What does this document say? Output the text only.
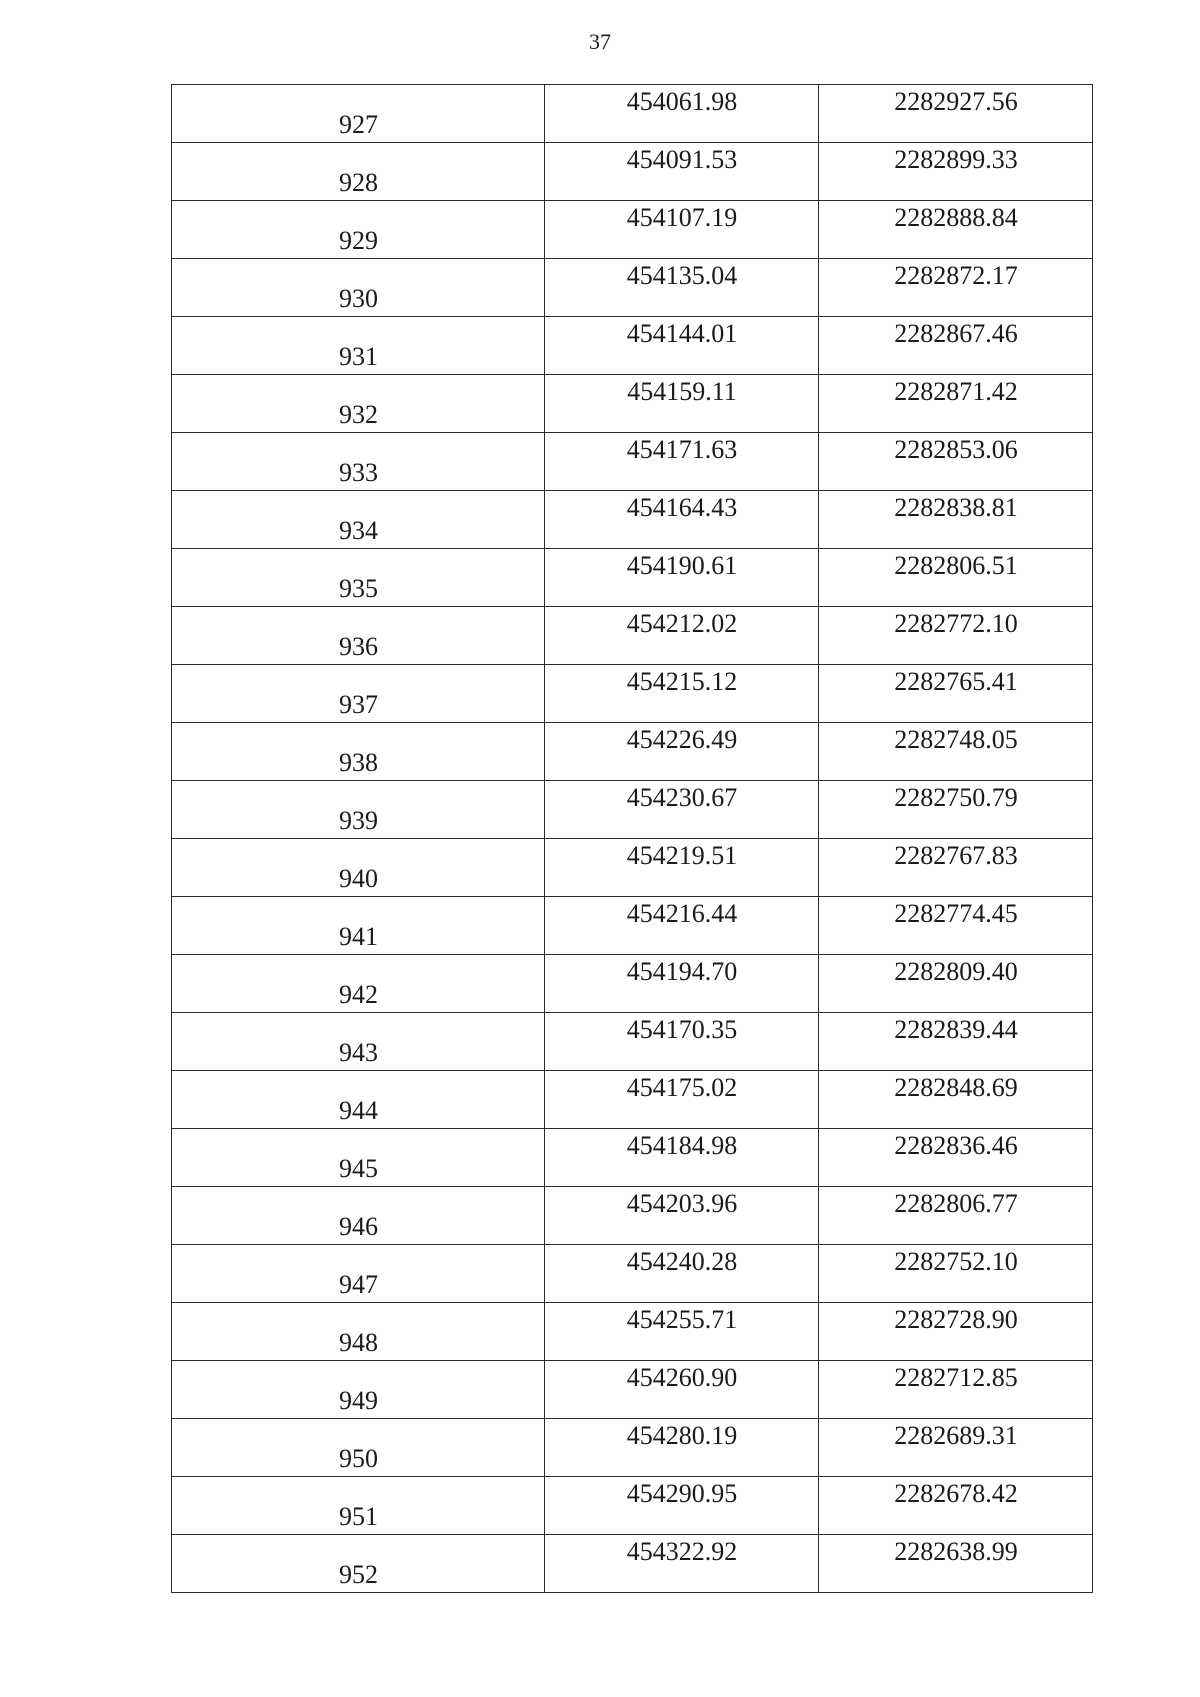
37
927	454061.98	2282927.56

928	454091.53	2282899.33

929	454107.19	2282888.84

930	454135.04	2282872.17

931	454144.01	2282867.46

932	454159.11	2282871.42

933	454171.63	2282853.06

934	454164.43	2282838.81

935	454190.61	2282806.51

936	454212.02	2282772.10

937	454215.12	2282765.41

938	454226.49	2282748.05

939	454230.67	2282750.79

940	454219.51	2282767.83

941	454216.44	2282774.45

942	454194.70	2282809.40

943	454170.35	2282839.44

944	454175.02	2282848.69

945	454184.98	2282836.46

946	454203.96	2282806.77

947	454240.28	2282752.10

948	454255.71	2282728.90

949	454260.90	2282712.85

950	454280.19	2282689.31

951	454290.95	2282678.42

952	454322.92	2282638.99
